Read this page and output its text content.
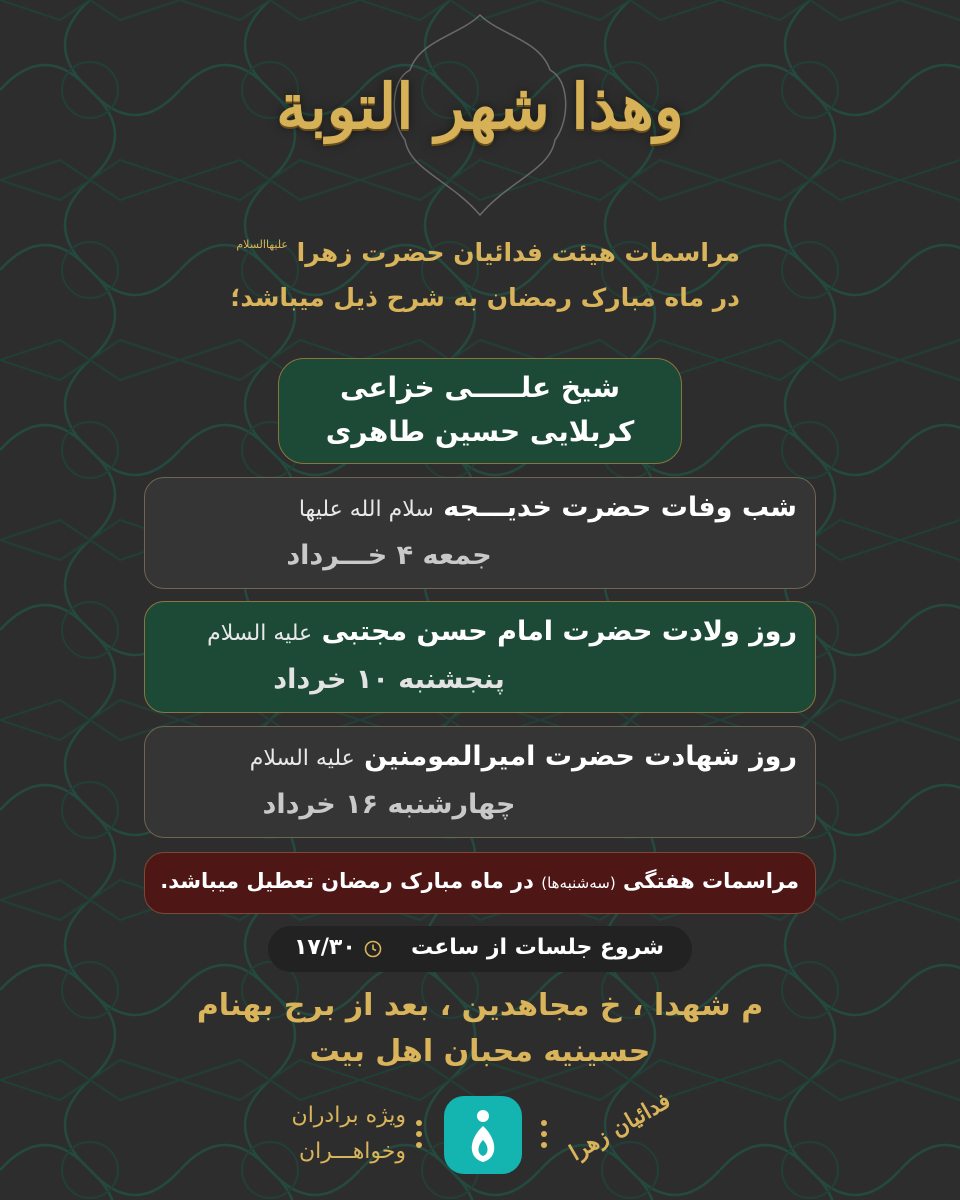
وهذا شهر التوبة
مراسمات هیئت فدائیان حضرت زهرا $^{علیهاالسلام}$
در ماه مبارک رمضان به شرح ذیل میباشد؛
شیخ علـــــی خزاعی
کربلایی حسین طاهری
شب وفات حضرت خدیـــجه سلام الله علیها
جمعه ۴ خـــرداد
روز ولادت حضرت امام حسن مجتبی علیه السلام
پنجشنبه ۱۰ خرداد
روز شهادت حضرت امیرالمومنین علیه السلام
چهارشنبه ۱۶ خرداد
مراسمات هفتگی (سه‌شنبه‌ها) در ماه مبارک رمضان تعطیل میباشد.
شروع جلسات از ساعت
۱۷/۳۰
م شهدا ، خ مجاهدین ، بعد از برج بهنام
حسینیه محبان اهل بیت
ویژه برادران
وخواهـــران	فدائیان زهرا
